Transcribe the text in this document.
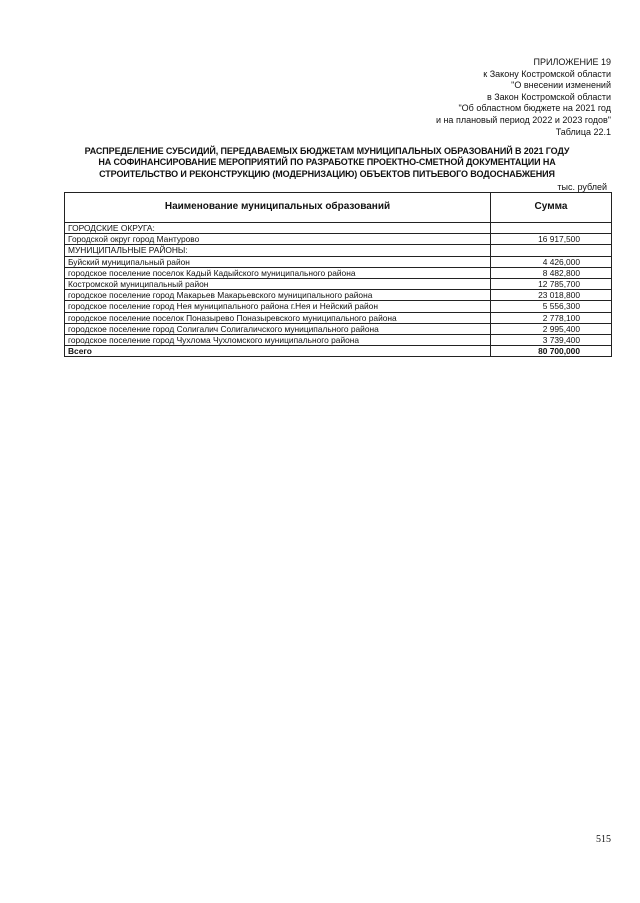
ПРИЛОЖЕНИЕ 19
к Закону Костромской области
"О внесении изменений
в Закон Костромской области
"Об областном бюджете на 2021 год
и на плановый период 2022 и 2023 годов"
Таблица 22.1
РАСПРЕДЕЛЕНИЕ СУБСИДИЙ, ПЕРЕДАВАЕМЫХ БЮДЖЕТАМ МУНИЦИПАЛЬНЫХ ОБРАЗОВАНИЙ В 2021 ГОДУ
НА СОФИНАНСИРОВАНИЕ МЕРОПРИЯТИЙ ПО РАЗРАБОТКЕ ПРОЕКТНО-СМЕТНОЙ ДОКУМЕНТАЦИИ НА
СТРОИТЕЛЬСТВО И РЕКОНСТРУКЦИЮ (МОДЕРНИЗАЦИЮ) ОБЪЕКТОВ ПИТЬЕВОГО ВОДОСНАБЖЕНИЯ
тыс. рублей
Наименование муниципальных образований	Сумма
ГОРОДСКИЕ ОКРУГА:	
Городской округ город Мантурово	16 917,500
МУНИЦИПАЛЬНЫЕ РАЙОНЫ:	
Буйский муниципальный район	4 426,000
городское поселение поселок Кадый Кадыйского муниципального района	8 482,800
Костромской муниципальный район	12 785,700
городское поселение город Макарьев Макарьевского муниципального района	23 018,800
городское поселение город Нея муниципального района г.Нея и Нейский район	5 556,300
городское поселение поселок Поназырево Поназыревского муниципального района	2 778,100
городское поселение город Солигалич Солигаличского муниципального района	2 995,400
городское поселение город Чухлома Чухломского муниципального района	3 739,400
Всего	80 700,000
515
